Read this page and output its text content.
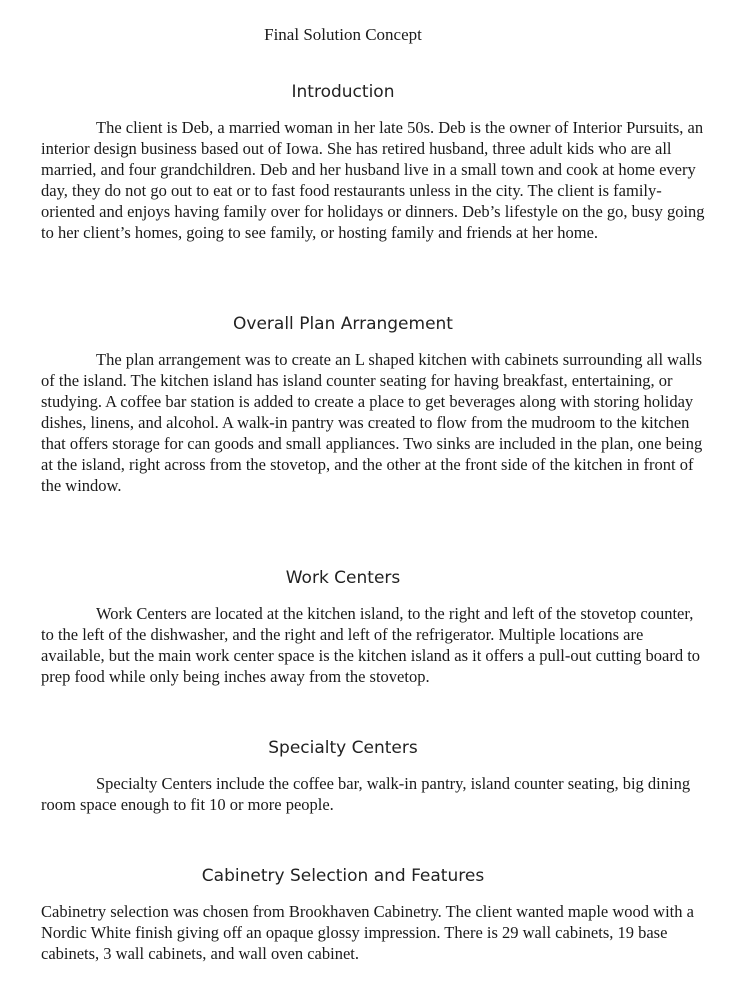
Final Solution Concept
Introduction

The client is Deb, a married woman in her late 50s. Deb is the owner of Interior Pursuits, an interior design business based out of Iowa. She has retired husband, three adult kids who are all married, and four grandchildren. Deb and her husband live in a small town and cook at home every day, they do not go out to eat or to fast food restaurants unless in the city. The client is family-oriented and enjoys having family over for holidays or dinners. Deb’s lifestyle on the go, busy going to her client’s homes, going to see family, or hosting family and friends at her home.

Overall Plan Arrangement

The plan arrangement was to create an L shaped kitchen with cabinets surrounding all walls of the island. The kitchen island has island counter seating for having breakfast, entertaining, or studying. A coffee bar station is added to create a place to get beverages along with storing holiday dishes, linens, and alcohol. A walk-in pantry was created to flow from the mudroom to the kitchen that offers storage for can goods and small appliances. Two sinks are included in the plan, one being at the island, right across from the stovetop, and the other at the front side of the kitchen in front of the window.

Work Centers

Work Centers are located at the kitchen island, to the right and left of the stovetop counter, to the left of the dishwasher, and the right and left of the refrigerator. Multiple locations are available, but the main work center space is the kitchen island as it offers a pull-out cutting board to prep food while only being inches away from the stovetop.

Specialty Centers

Specialty Centers include the coffee bar, walk-in pantry, island counter seating, big dining room space enough to fit 10 or more people.

Cabinetry Selection and Features

Cabinetry selection was chosen from Brookhaven Cabinetry. The client wanted maple wood with a Nordic White finish giving off an opaque glossy impression. There is 29 wall cabinets, 19 base cabinets, 3 wall cabinets, and wall oven cabinet.
